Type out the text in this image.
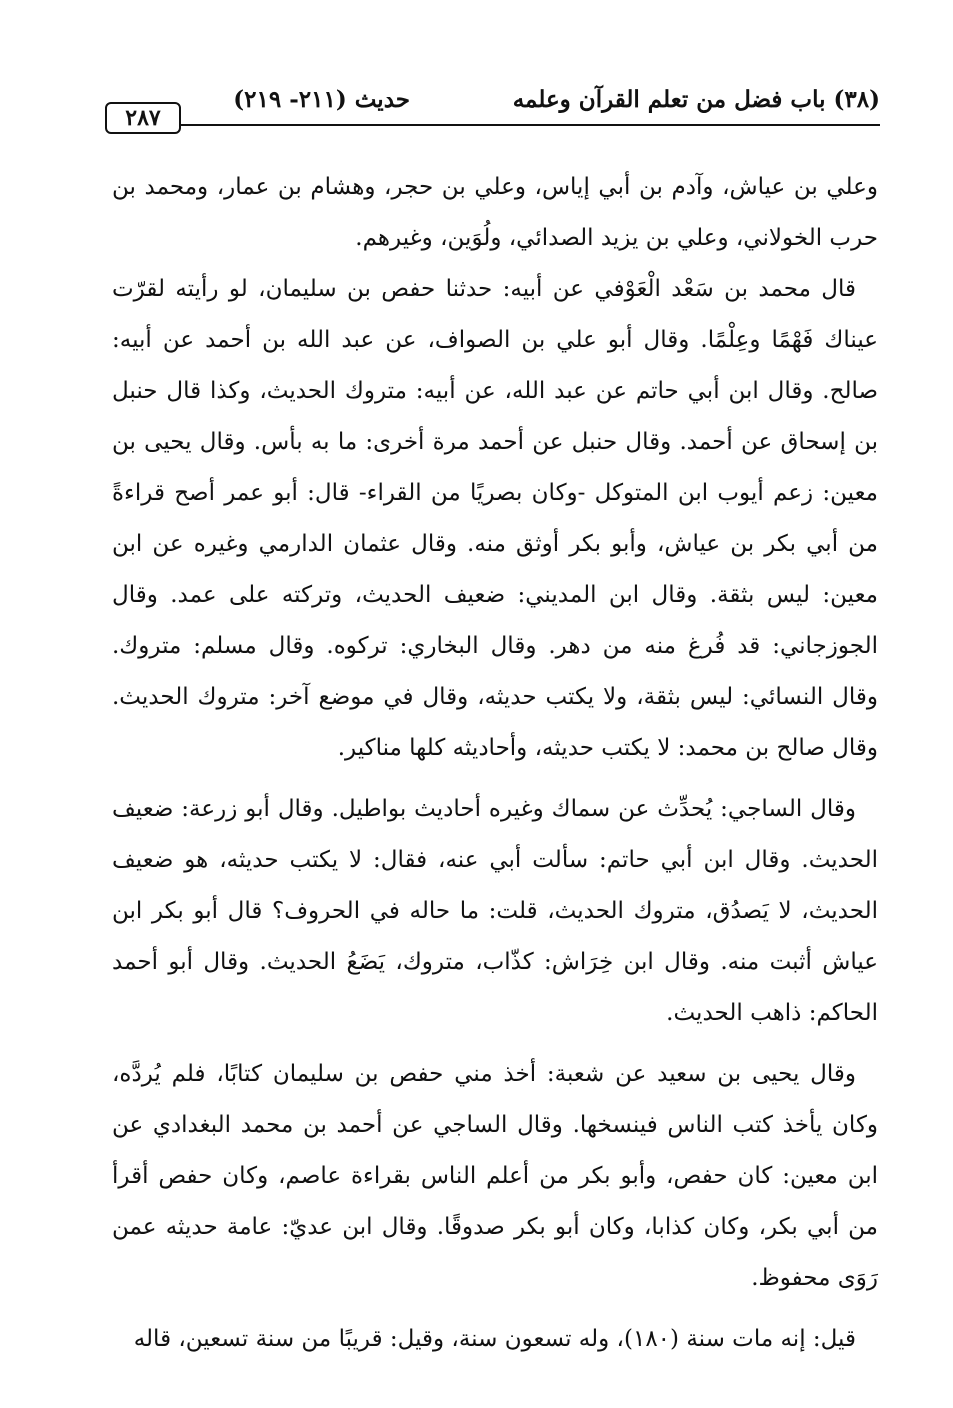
(٣٨) باب فضل من تعلم القرآن وعلمه
حديث (٢١١- ٢١٩)
٢٨٧

وعلي بن عياش، وآدم بن أبي إياس، وعلي بن حجر، وهشام بن عمار، ومحمد بن حرب الخولاني، وعلي بن يزيد الصدائي، ولُوَين، وغيرهم.

قال محمد بن سَعْد الْعَوْفي عن أبيه: حدثنا حفص بن سليمان، لو رأيته لقرّت عيناك فَهْمًا وعِلْمًا. وقال أبو علي بن الصواف، عن عبد الله بن أحمد عن أبيه: صالح. وقال ابن أبي حاتم عن عبد الله، عن أبيه: متروك الحديث، وكذا قال حنبل بن إسحاق عن أحمد. وقال حنبل عن أحمد مرة أخرى: ما به بأس. وقال يحيى بن معين: زعم أيوب ابن المتوكل -وكان بصريًا من القراء- قال: أبو عمر أصح قراءةً من أبي بكر بن عياش، وأبو بكر أوثق منه. وقال عثمان الدارمي وغيره عن ابن معين: ليس بثقة. وقال ابن المديني: ضعيف الحديث، وتركته على عمد. وقال الجوزجاني: قد فُرغ منه من دهر. وقال البخاري: تركوه. وقال مسلم: متروك. وقال النسائي: ليس بثقة، ولا يكتب حديثه، وقال في موضع آخر: متروك الحديث. وقال صالح بن محمد: لا يكتب حديثه، وأحاديثه كلها مناكير.

وقال الساجي: يُحدِّث عن سماك وغيره أحاديث بواطيل. وقال أبو زرعة: ضعيف الحديث. وقال ابن أبي حاتم: سألت أبي عنه، فقال: لا يكتب حديثه، هو ضعيف الحديث، لا يَصدُق، متروك الحديث، قلت: ما حاله في الحروف؟ قال أبو بكر ابن عياش أثبت منه. وقال ابن خِرَاش: كذّاب، متروك، يَضَعُ الحديث. وقال أبو أحمد الحاكم: ذاهب الحديث.

وقال يحيى بن سعيد عن شعبة: أخذ مني حفص بن سليمان كتابًا، فلم يُردَّه، وكان يأخذ كتب الناس فينسخها. وقال الساجي عن أحمد بن محمد البغدادي عن ابن معين: كان حفص، وأبو بكر من أعلم الناس بقراءة عاصم، وكان حفص أقرأ من أبي بكر، وكان كذابا، وكان أبو بكر صدوقًا. وقال ابن عديّ: عامة حديثه عمن رَوَى محفوظ.

قيل: إنه مات سنة (١٨٠)، وله تسعون سنة، وقيل: قريبًا من سنة تسعين، قاله
